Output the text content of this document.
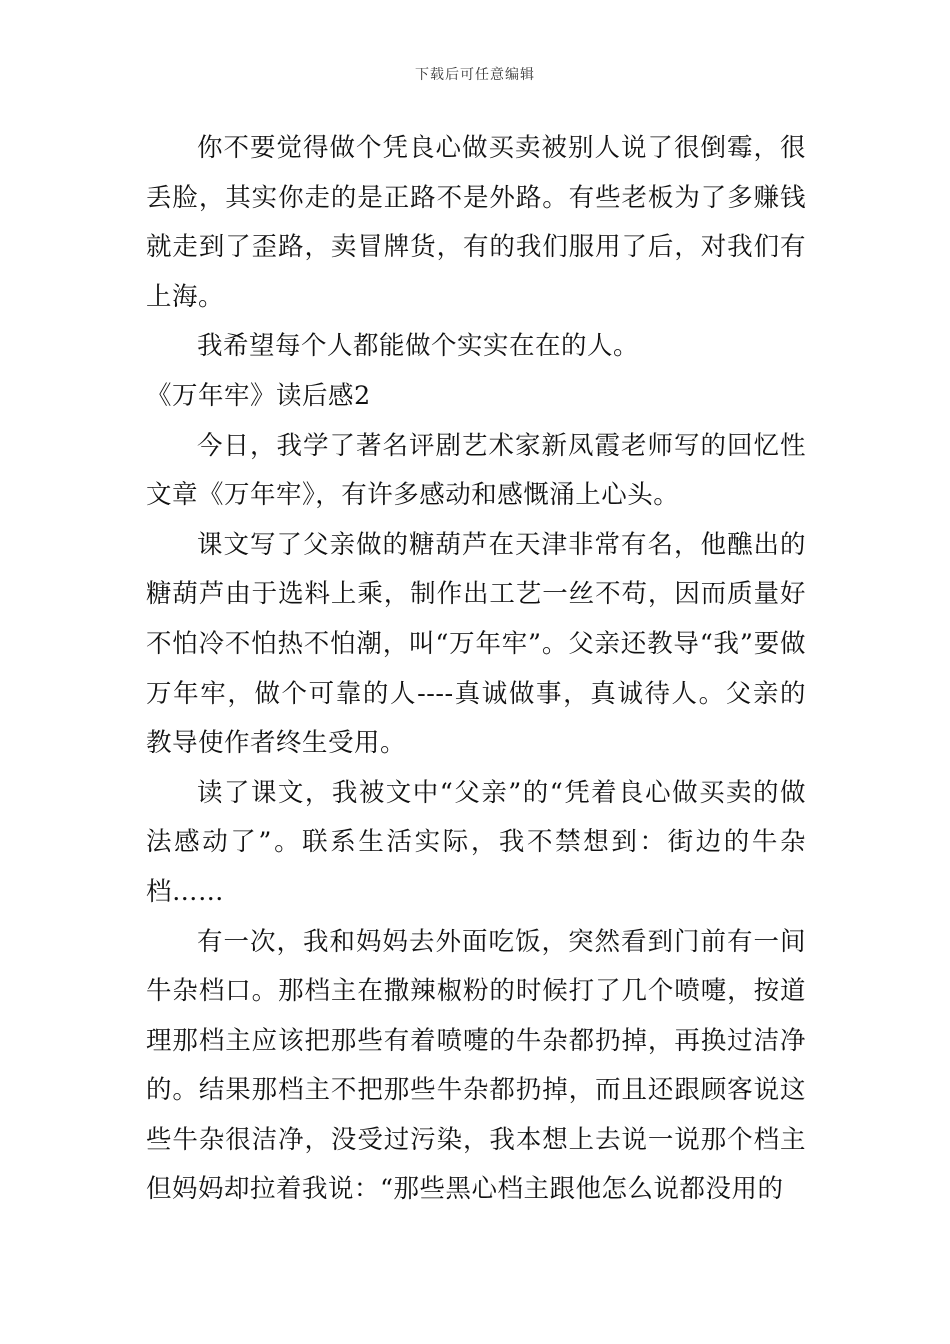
下载后可任意编辑

你不要觉得做个凭良心做买卖被别人说了很倒霉，很丢脸，其实你走的是正路不是外路。有些老板为了多赚钱就走到了歪路，卖冒牌货，有的我们服用了后，对我们有上海。

我希望每个人都能做个实实在在的人。

《万年牢》读后感2

今日，我学了著名评剧艺术家新凤霞老师写的回忆性文章《万年牢》，有许多感动和感慨涌上心头。

课文写了父亲做的糖葫芦在天津非常有名，他醮出的糖葫芦由于选料上乘，制作出工艺一丝不苟，因而质量好不怕冷不怕热不怕潮，叫“万年牢”。父亲还教导“我”要做万年牢，做个可靠的人----真诚做事，真诚待人。父亲的教导使作者终生受用。

读了课文，我被文中“父亲”的“凭着良心做买卖的做法感动了”。联系生活实际，我不禁想到：街边的牛杂档……

有一次，我和妈妈去外面吃饭，突然看到门前有一间牛杂档口。那档主在撒辣椒粉的时候打了几个喷嚏，按道理那档主应该把那些有着喷嚏的牛杂都扔掉，再换过洁净的。结果那档主不把那些牛杂都扔掉，而且还跟顾客说这些牛杂很洁净，没受过污染，我本想上去说一说那个档主但妈妈却拉着我说：“那些黑心档主跟他怎么说都没用的
